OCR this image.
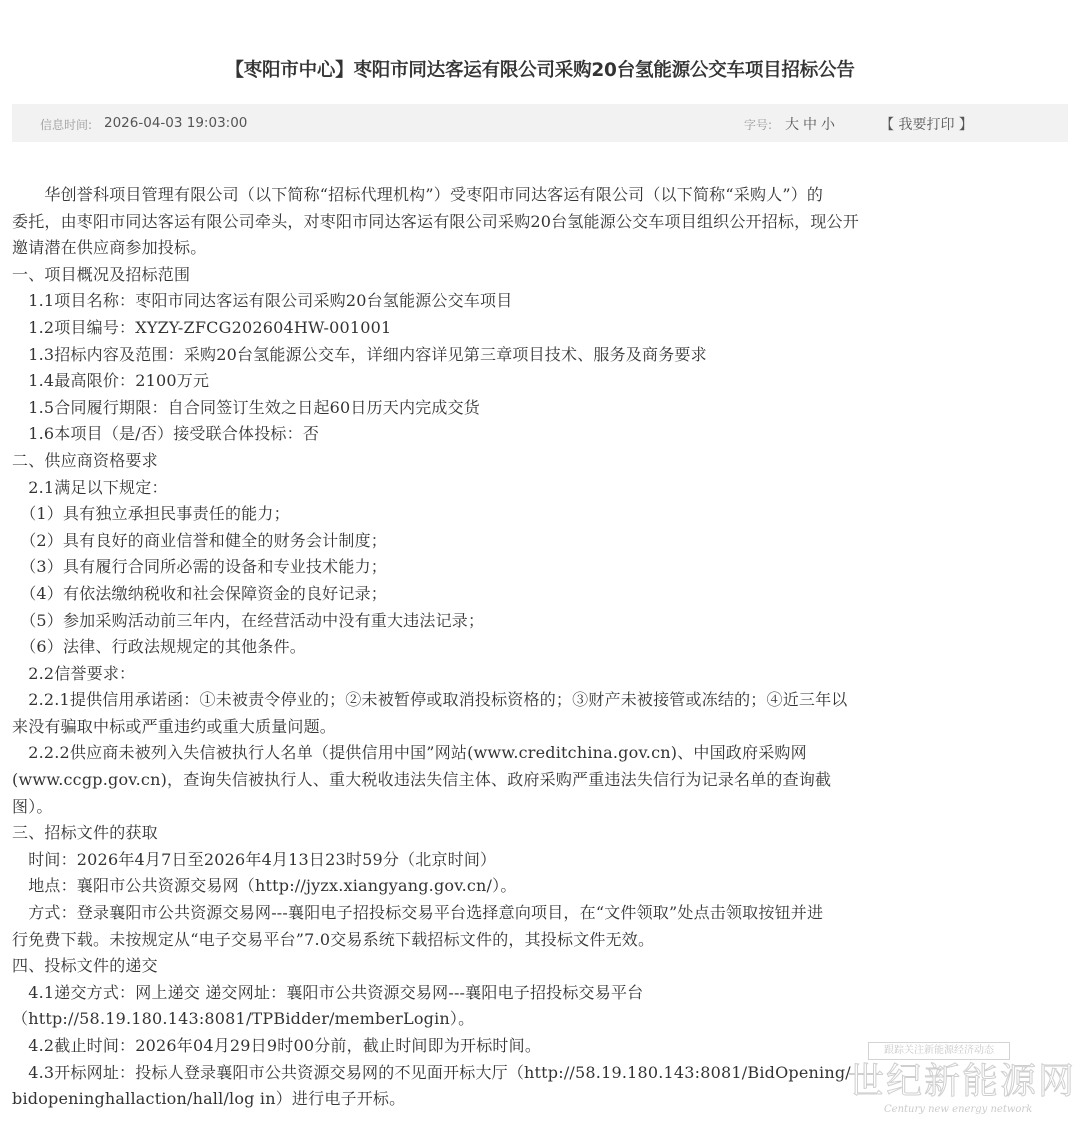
【枣阳市中心】枣阳市同达客运有限公司采购20台氢能源公交车项目招标公告
信息时间: 2026-04-03 19:03:00	字号: 大 中 小	【 我要打印 】

　　华创誉科项目管理有限公司（以下简称“招标代理机构”）受枣阳市同达客运有限公司（以下简称“采购人”）的

委托，由枣阳市同达客运有限公司牵头，对枣阳市同达客运有限公司采购20台氢能源公交车项目组织公开招标，现公开

邀请潜在供应商参加投标。

一、项目概况及招标范围

　1.1项目名称：枣阳市同达客运有限公司采购20台氢能源公交车项目

　1.2项目编号：XYZY-ZFCG202604HW-001001

　1.3招标内容及范围：采购20台氢能源公交车，详细内容详见第三章项目技术、服务及商务要求

　1.4最高限价：2100万元

　1.5合同履行期限：自合同签订生效之日起60日历天内完成交货

　1.6本项目（是/否）接受联合体投标：否

二、供应商资格要求

　2.1满足以下规定：

　（1）具有独立承担民事责任的能力；

　（2）具有良好的商业信誉和健全的财务会计制度；

　（3）具有履行合同所必需的设备和专业技术能力；

　（4）有依法缴纳税收和社会保障资金的良好记录；

　（5）参加采购活动前三年内，在经营活动中没有重大违法记录；

　（6）法律、行政法规规定的其他条件。

　2.2信誉要求：

　2.2.1提供信用承诺函：①未被责令停业的；②未被暂停或取消投标资格的；③财产未被接管或冻结的；④近三年以

来没有骗取中标或严重违约或重大质量问题。

　2.2.2供应商未被列入失信被执行人名单（提供信用中国”网站(www.creditchina.gov.cn)、中国政府采购网

(www.ccgp.gov.cn)，查询失信被执行人、重大税收违法失信主体、政府采购严重违法失信行为记录名单的查询截

图）。

三、招标文件的获取

　时间：2026年4月7日至2026年4月13日23时59分（北京时间）

　地点：襄阳市公共资源交易网（http://jyzx.xiangyang.gov.cn/）。

　方式：登录襄阳市公共资源交易网---襄阳电子招投标交易平台选择意向项目，在“文件领取”处点击领取按钮并进

行免费下载。未按规定从“电子交易平台”7.0交易系统下载招标文件的，其投标文件无效。

四、投标文件的递交

　4.1递交方式：网上递交 递交网址：襄阳市公共资源交易网---襄阳电子招投标交易平台

（http://58.19.180.143:8081/TPBidder/memberLogin）。

　4.2截止时间：2026年04月29日9时00分前，截止时间即为开标时间。

　4.3开标网址：投标人登录襄阳市公共资源交易网的不见面开标大厅（http://58.19.180.143:8081/BidOpening/

bidopeninghallaction/hall/log in）进行电子开标。

跟踪关注新能源经济动态
世纪新能源网
Century new energy network
